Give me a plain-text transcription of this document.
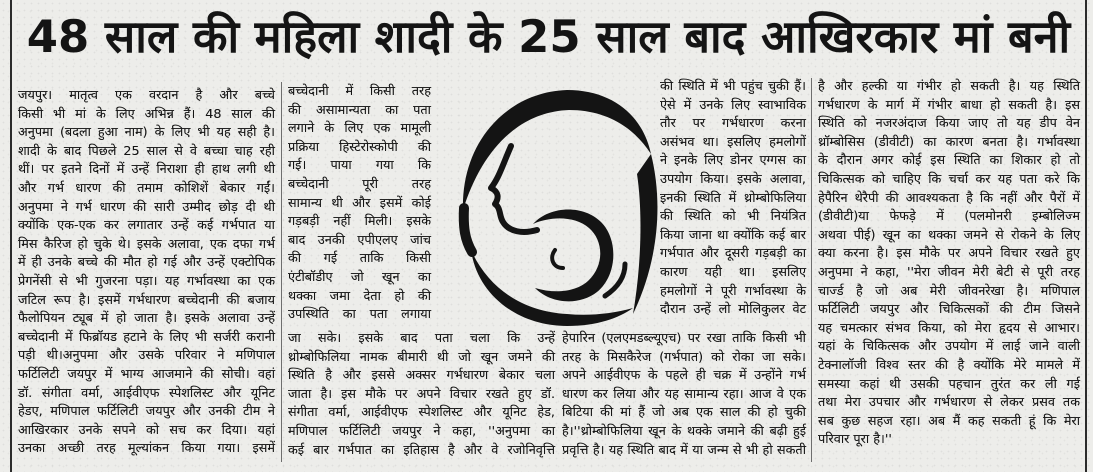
48 साल की महिला शादी के 25 साल बाद आखिरकार मां बनी
जयपुर। मातृत्व एक वरदान है और बच्चे
किसी भी मां के लिए अभिन्न हैं। 48 साल की
अनुपमा (बदला हुआ नाम) के लिए भी यह सही है।
शादी के बाद पिछले 25 साल से वे बच्चा चाह रही
थीं। पर इतने दिनों में उन्हें निराशा ही हाथ लगी थी
और गर्भ धारण की तमाम कोशिशें बेकार गईं।
अनुपमा ने गर्भ धारण की सारी उम्मीद छोड़ दी थी
क्योंकि एक-एक कर लगातार उन्हें कई गर्भपात या
मिस कैरिज हो चुके थे। इसके अलावा, एक दफा गर्भ
में ही उनके बच्चे की मौत हो गई और उन्हें एक्टोपिक
प्रेगनेंसी से भी गुजरना पड़ा। यह गर्भावस्था का एक
जटिल रूप है। इसमें गर्भधारण बच्चेदानी की बजाय
फैलोपियन ट्यूब में हो जाता है। इसके अलावा उन्हें
बच्चेदानी में फिब्रॉयड हटाने के लिए भी सर्जरी करानी
पड़ी थी।अनुपमा और उसके परिवार ने मणिपाल
फर्टिलिटी जयपुर में भाग्य आजमाने की सोची। वहां
डॉ. संगीता वर्मा, आईवीएफ स्पेशलिस्ट और यूनिट
हेडए, मणिपाल फर्टिलिटी जयपुर और उनकी टीम ने
आखिरकार उनके सपने को सच कर दिया। यहां
उनका अच्छी तरह मूल्यांकन किया गया। इसमें
बच्चेदानी में किसी तरह
की असामान्यता का पता
लगाने के लिए एक मामूली
प्रक्रिया हिस्टेरोस्कोपी की
गई। पाया गया कि
बच्चेदानी पूरी तरह
सामान्य थी और इसमें कोई
गड़बड़ी नहीं मिली। इसके
बाद उनकी एपीएलए जांच
की गई ताकि किसी
एंटीबॉडीए जो खून का
थक्का जमा देता हो की
उपस्थिति का पता लगाया
जा सके। इसके बाद पता चला कि उन्हें
थ्रोम्बोफिलिया नामक बीमारी थी जो खून जमने की
स्थिति है और इससे अक्सर गर्भधारण बेकार चला
जाता है। इस मौके पर अपने विचार रखते हुए डॉ.
संगीता वर्मा, आईवीएफ स्पेशलिस्ट और यूनिट हेड,
मणिपाल फर्टिलिटी जयपुर ने कहा, ''अनुपमा का
कई बार गर्भपात का इतिहास है और वे रजोनिवृत्ति
की स्थिति में भी पहुंच चुकी हैं।
ऐसे में उनके लिए स्वाभाविक
तौर पर गर्भधारण करना
असंभव था। इसलिए हमलोगों
ने इनके लिए डोनर एग्गस का
उपयोग किया। इसके अलावा,
इनकी स्थिति में थ्रोम्बोफिलिया
की स्थिति को भी नियंत्रित
किया जाना था क्योंकि कई बार
गर्भपात और दूसरी गड़बड़ी का
कारण यही था। इसलिए
हमलोगों ने पूरी गर्भावस्था के
दौरान उन्हें लो मोलिकुलर वेट
हेपारिन (एलएमडब्ल्यूएच) पर रखा ताकि किसी भी
तरह के मिसकैरेज (गर्भपात) को रोका जा सके।
अपने आईवीएफ के पहले ही चक्र में उन्होंने गर्भ
धारण कर लिया और यह सामान्य रहा। आज वे एक
बिटिया की मां हैं जो अब एक साल की हो चुकी
है।''थ्रोम्बोफिलिया खून के थक्के जमाने की बढ़ी हुई
प्रवृत्ति है। यह स्थिति बाद में या जन्म से भी हो सकती
है और हल्की या गंभीर हो सकती है। यह स्थिति
गर्भधारण के मार्ग में गंभीर बाधा हो सकती है। इस
स्थिति को नजरअंदाज किया जाए तो यह डीप वेन
थ्रॉम्बोसिस (डीवीटी) का कारण बनता है। गर्भावस्था
के दौरान अगर कोई इस स्थिति का शिकार हो तो
चिकित्सक को चाहिए कि चर्चा कर यह पता करे कि
हेपैरिन थेरैपी की आवश्यकता है कि नहीं और पैरों में
(डीवीटी)या फेफड़े में (पलमोनरी इम्बोलिज्म
अथवा पीई) खून का थक्का जमने से रोकने के लिए
क्या करना है। इस मौके पर अपने विचार रखते हुए
अनुपमा ने कहा, ''मेरा जीवन मेरी बेटी से पूरी तरह
चार्ज्ड है जो अब मेरी जीवनरेखा है। मणिपाल
फर्टिलिटी जयपुर और चिकित्सकों की टीम जिसने
यह चमत्कार संभव किया, को मेरा हृदय से आभार।
यहां के चिकित्सक और उपयोग में लाई जाने वाली
टेक्नालॉजी विश्व स्तर की है क्योंकि मेरे मामले में
समस्या कहां थी उसकी पहचान तुरंत कर ली गई
तथा मेरा उपचार और गर्भधारण से लेकर प्रसव तक
सब कुछ सहज रहा। अब मैं कह सकती हूं कि मेरा
परिवार पूरा है।''
